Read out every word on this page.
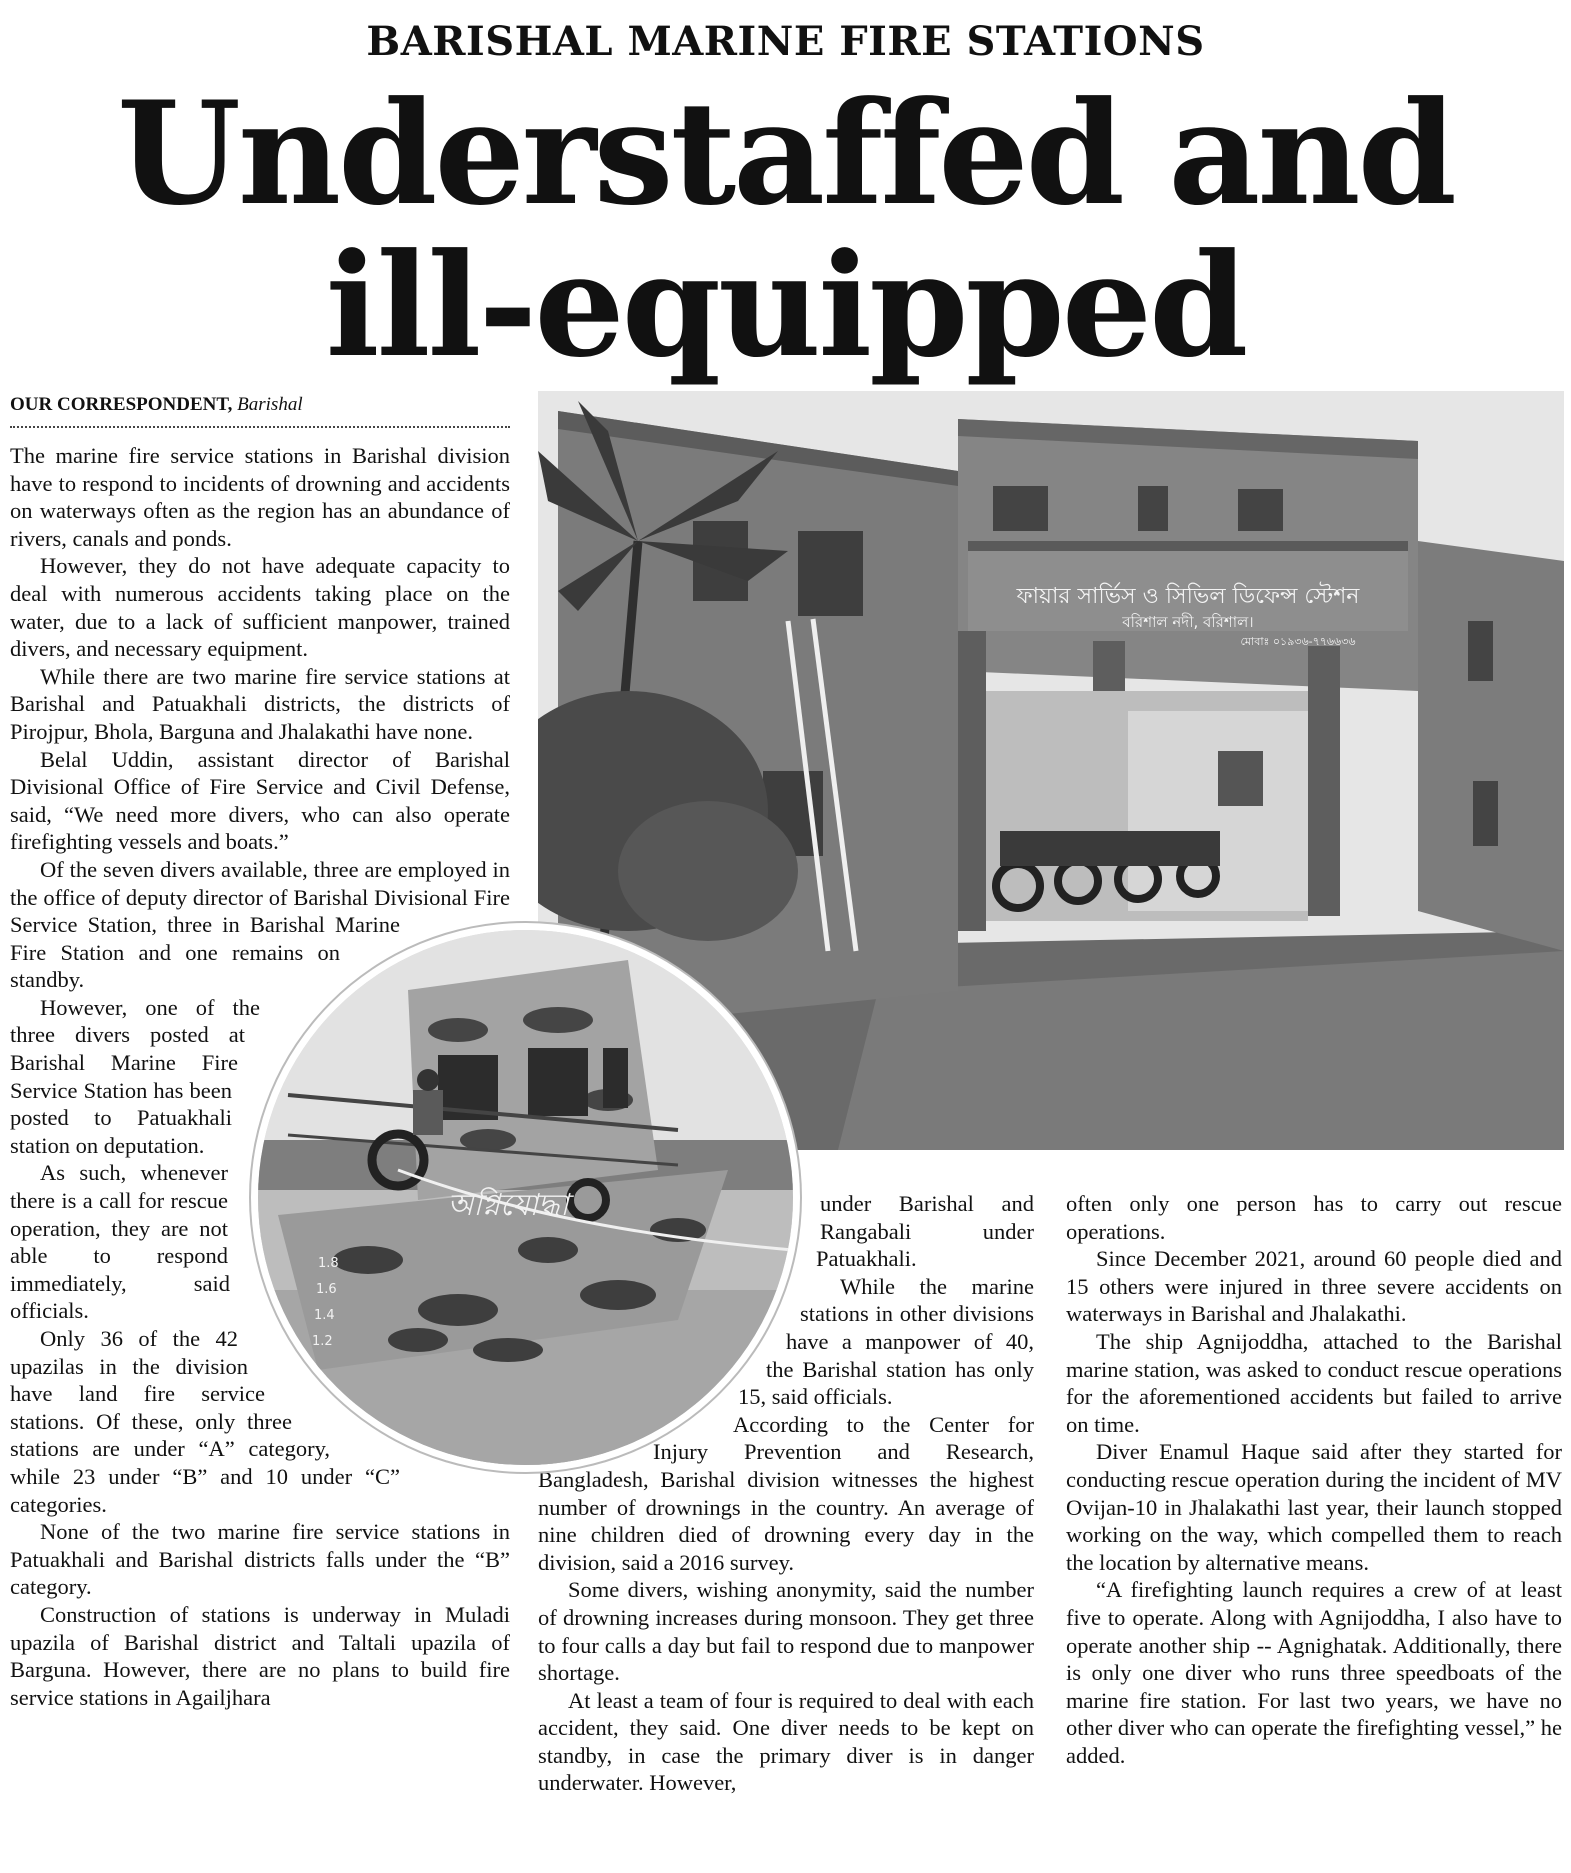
BARISHAL MARINE FIRE STATIONS
Understaffed and
ill-equipped
OUR CORRESPONDENT, Barishal
ফায়ার সার্ভিস ও সিভিল ডিফেন্স স্টেশন
বরিশাল নদী, বরিশাল।
মোবাঃ ০১৯৩৬-৭৭৬৬৩৬

The marine fire service stations in Barishal division have to respond to incidents of drowning and accidents on waterways often as the region has an abundance of rivers, canals and ponds.

However, they do not have adequate capacity to deal with numerous accidents taking place on the water, due to a lack of sufficient manpower, trained divers, and necessary equipment.

While there are two marine fire service stations at Barishal and Patuakhali districts, the districts of Pirojpur, Bhola, Barguna and Jhalakathi have none.

Belal Uddin, assistant director of Barishal Divisional Office of Fire Service and Civil Defense, said, “We need more divers, who can also operate firefighting vessels and boats.”

Of the seven divers available, three are employed in the office of deputy director of Barishal Divisional Fire Service Station, three in Barishal Marine Fire Station and one remains on standby.

However, one of the three divers posted at Barishal Marine Fire Service Station has been posted to Patuakhali station on deputation.

As such, whenever there is a call for rescue operation, they are not able to respond immediately, said officials.

Only 36 of the 42 upazilas in the division have land fire service stations. Of these, only three stations are under “A” category, while 23 under “B” and 10 under “C” categories.

None of the two marine fire service stations in Patuakhali and Barishal districts falls under the “B” category.

Construction of stations is underway in Muladi upazila of Barishal district and Taltali upazila of Barguna. However, there are no plans to build fire service stations in Agailjhara

under Barishal and Rangabali under Patuakhali.

While the marine stations in other divisions have a manpower of 40, the Barishal station has only 15, said officials.

According to the Center for Injury Prevention and Research, Bangladesh, Barishal division witnesses the highest number of drownings in the country. An average of nine children died of drowning every day in the division, said a 2016 survey.

Some divers, wishing anonymity, said the number of drowning increases during monsoon. They get three to four calls a day but fail to respond due to manpower shortage.

At least a team of four is required to deal with each accident, they said. One diver needs to be kept on standby, in case the primary diver is in danger underwater. However,

often only one person has to carry out rescue operations.

Since December 2021, around 60 people died and 15 others were injured in three severe accidents on waterways in Barishal and Jhalakathi.

The ship Agnijoddha, attached to the Barishal marine station, was asked to conduct rescue operations for the aforementioned accidents but failed to arrive on time.

Diver Enamul Haque said after they started for conducting rescue operation during the incident of MV Ovijan-10 in Jhalakathi last year, their launch stopped working on the way, which compelled them to reach the location by alternative means.

“A firefighting launch requires a crew of at least five to operate. Along with Agnijoddha, I also have to operate another ship -- Agnighatak. Additionally, there is only one diver who runs three speedboats of the marine fire station. For last two years, we have no other diver who can operate the firefighting vessel,” he added.

অগ্নিযোদ্ধা
1.8
1.6
1.4
1.2
